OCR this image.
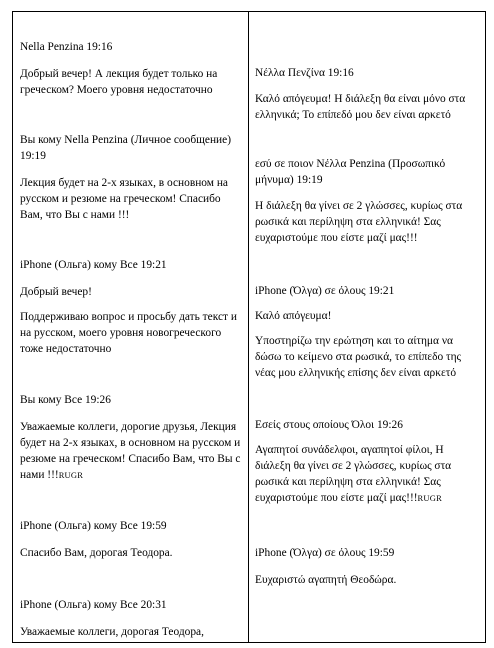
Nella Penzina 19:16

Добрый вечер! А лекция будет только на греческом? Моего уровня недостаточно

Вы кому Nella Penzina (Личное сообщение) 19:19

Лекция будет на 2-х языках, в основном на русском и резюме на греческом! Спасибо Вам, что Вы с нами !!!

iPhone (Ольга) кому Все 19:21

Добрый вечер!

Поддерживаю вопрос и просьбу дать текст и на русском, моего уровня новогреческого тоже недостаточно

Вы кому Все 19:26

Уважаемые коллеги, дорогие друзья, Лекция будет на 2-х языках, в основном на русском и резюме на греческом! Спасибо Вам, что Вы с нами !!!RUGR

iPhone (Ольга) кому Все 19:59

Спасибо Вам, дорогая Теодора.

iPhone (Ольга) кому Все 20:31

Уважаемые коллеги, дорогая Теодора,

Νέλλα Πενζίνα 19:16

Καλό απόγευμα! Η διάλεξη θα είναι μόνο στα ελληνικά; Το επίπεδό μου δεν είναι αρκετό

εσύ σε ποιον Νέλλα Penzina (Προσωπικό μήνυμα) 19:19

Η διάλεξη θα γίνει σε 2 γλώσσες, κυρίως στα ρωσικά και περίληψη στα ελληνικά! Σας ευχαριστούμε που είστε μαζί μας!!!

iPhone (Όλγα) σε όλους 19:21

Καλό απόγευμα!

Υποστηρίζω την ερώτηση και το αίτημα να δώσω το κείμενο στα ρωσικά, το επίπεδο της νέας μου ελληνικής επίσης δεν είναι αρκετό

Εσείς στους οποίους Όλοι 19:26

Αγαπητοί συνάδελφοι, αγαπητοί φίλοι, Η διάλεξη θα γίνει σε 2 γλώσσες, κυρίως στα ρωσικά και περίληψη στα ελληνικά! Σας ευχαριστούμε που είστε μαζί μας!!!RUGR

iPhone (Όλγα) σε όλους 19:59

Ευχαριστώ αγαπητή Θεοδώρα.
